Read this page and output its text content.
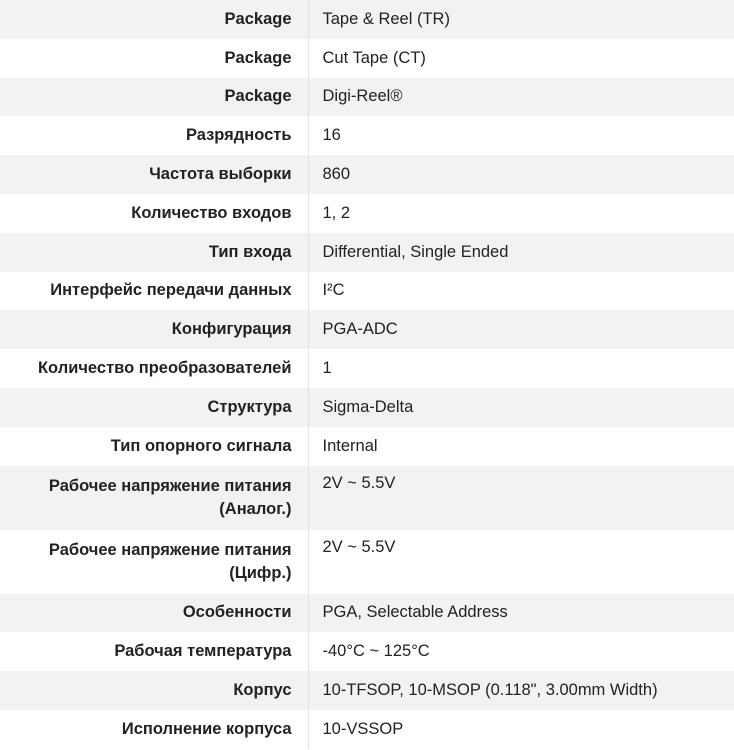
Package	Tape & Reel (TR)
Package	Cut Tape (CT)
Package	Digi-Reel®
Разрядность	16
Частота выборки	860
Количество входов	1, 2
Тип входа	Differential, Single Ended
Интерфейс передачи данных	I²C
Конфигурация	PGA-ADC
Количество преобразователей	1
Структура	Sigma-Delta
Тип опорного сигнала	Internal
Рабочее напряжение питания (Аналог.)	2V ~ 5.5V
Рабочее напряжение питания (Цифр.)	2V ~ 5.5V
Особенности	PGA, Selectable Address
Рабочая температура	-40°C ~ 125°C
Корпус	10-TFSOP, 10-MSOP (0.118", 3.00mm Width)
Исполнение корпуса	10-VSSOP
